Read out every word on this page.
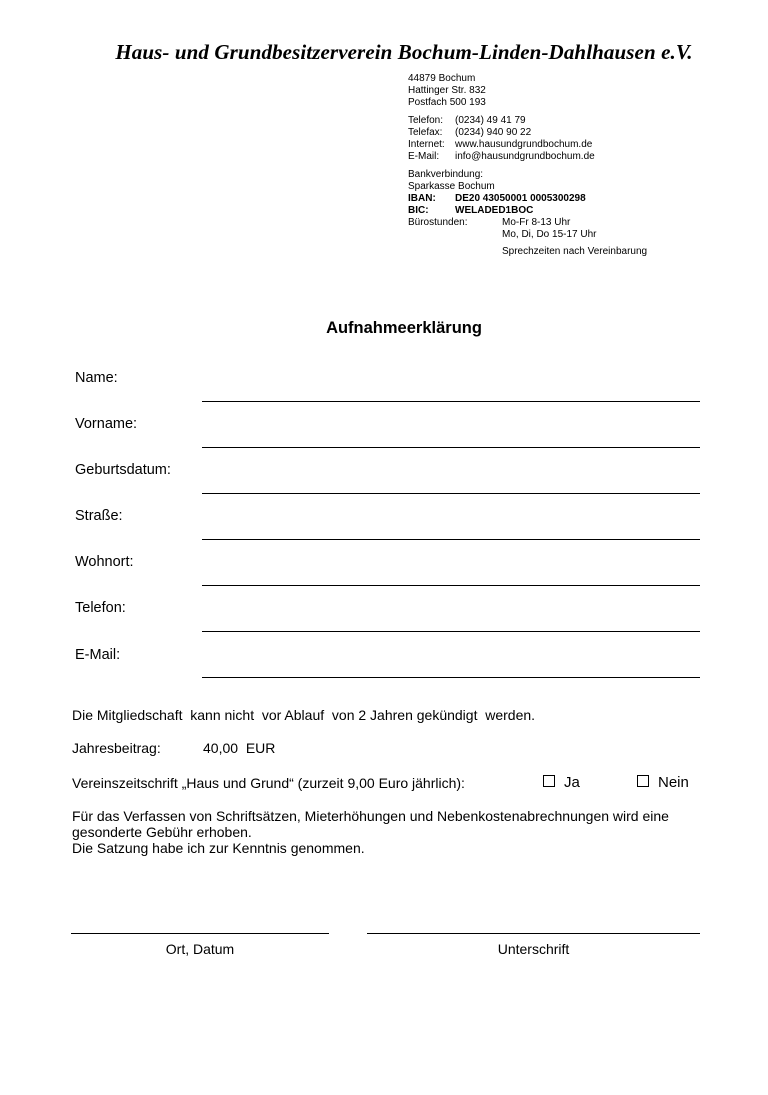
Haus- und Grundbesitzerverein Bochum-Linden-Dahlhausen e.V.
44879 Bochum
Hattinger Str. 832
Postfach 500 193
Telefon:	(0234) 49 41 79
Telefax:	(0234) 940 90 22
Internet:	www.hausundgrundbochum.de
E-Mail:	info@hausundgrundbochum.de
Bankverbindung:
Sparkasse Bochum
IBAN:	DE20 43050001 0005300298
BIC:	WELADED1BOC
Bürostunden:	Mo-Fr 8-13 Uhr
Mo, Di, Do 15-17 Uhr
Sprechzeiten nach Vereinbarung
Aufnahmeerklärung
Name:
Vorname:
Geburtsdatum:
Straße:
Wohnort:
Telefon:
E-Mail:
Die Mitgliedschaft  kann nicht  vor Ablauf  von 2 Jahren gekündigt  werden.
Jahresbeitrag:	40,00  EUR
Vereinszeitschrift „Haus und Grund“ (zurzeit 9,00 Euro jährlich):	Ja	Nein
Für das Verfassen von Schriftsätzen, Mieterhöhungen und Nebenkostenabrechnungen wird eine gesonderte Gebühr erhoben.
Die Satzung habe ich zur Kenntnis genommen.
Ort, Datum	Unterschrift
